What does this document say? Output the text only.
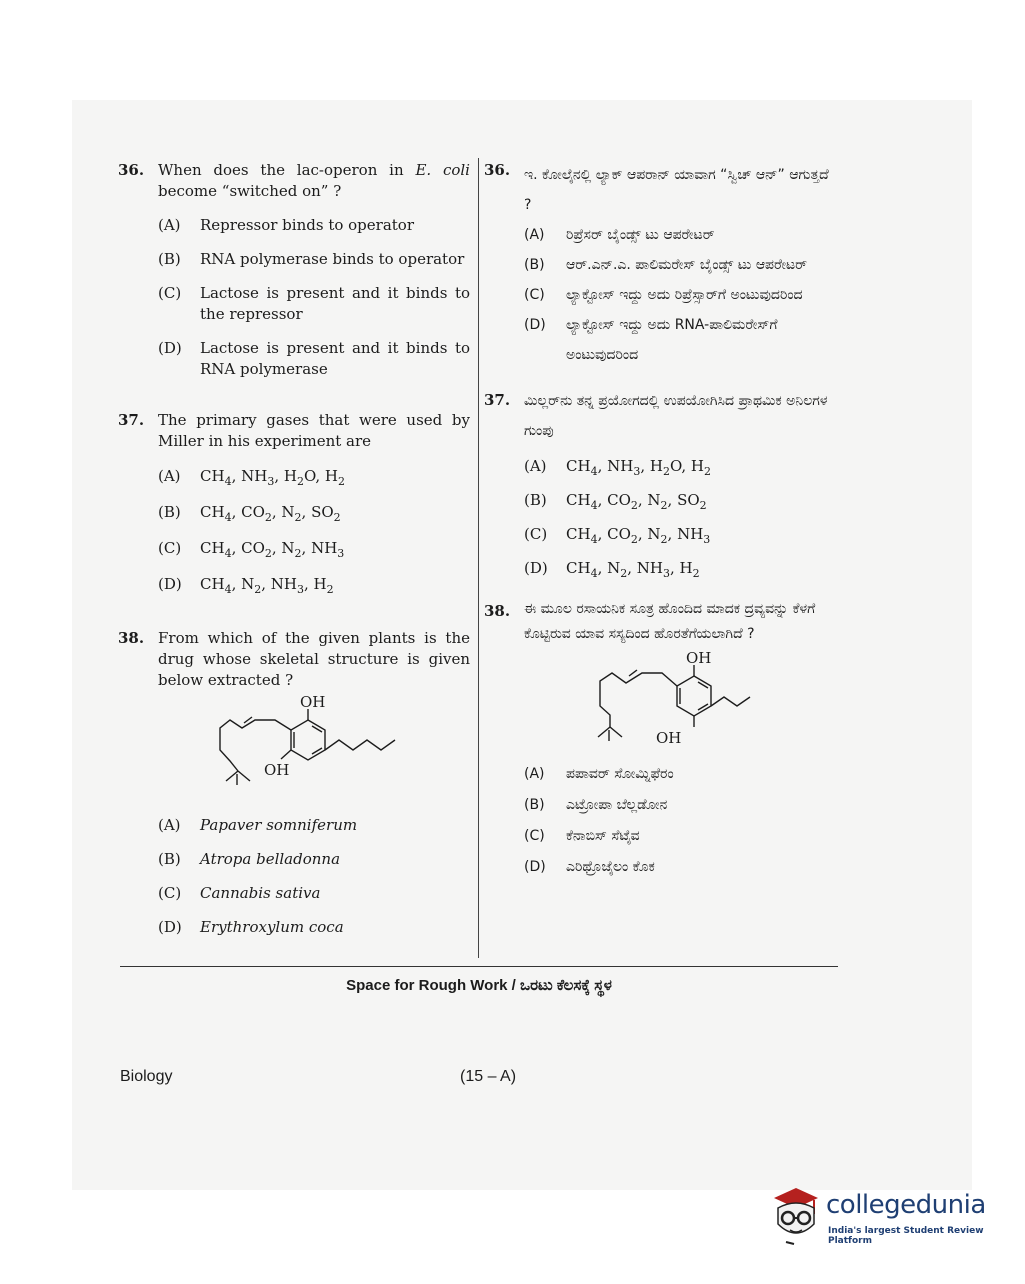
36. When does the lac-operon in E. coli become “switched on” ?
(A) Repressor binds to operator
(B) RNA polymerase binds to operator
(C) Lactose is present and it binds to the repressor
(D) Lactose is present and it binds to RNA polymerase
37. The primary gases that were used by Miller in his experiment are
(A) $CH_4$, $NH_3$, $H_2O$, $H_2$
(B) $CH_4$, $CO_2$, $N_2$, $SO_2$
(C) $CH_4$, $CO_2$, $N_2$, $NH_3$
(D) $CH_4$, $N_2$, $NH_3$, $H_2$
38. From which of the given plants is the drug whose skeletal structure is given below extracted ?
OH
OH
(A) Papaver somniferum
(B) Atropa belladonna
(C) Cannabis sativa
(D) Erythroxylum coca
36. ಇ. ಕೋಲೈನಲ್ಲಿ ಲ್ಯಾಕ್ ಆಪರಾನ್ ಯಾವಾಗ “ಸ್ವಿಚ್ ಆನ್” ಆಗುತ್ತದೆ ?
(A) ರಿಪ್ರೆಸರ್ ಬೈಂಡ್ಸ್ ಟು ಆಪರೇಟರ್
(B) ಆರ್.ಎನ್.ಎ. ಪಾಲಿಮರೇಸ್ ಬೈಂಡ್ಸ್ ಟು ಆಪರೇಟರ್
(C) ಲ್ಯಾಕ್ಟೋಸ್ ಇದ್ದು ಅದು ರಿಪ್ರೆಸ್ಸಾರ್‌ಗೆ ಅಂಟುವುದರಿಂದ
(D) ಲ್ಯಾಕ್ಟೋಸ್ ಇದ್ದು ಅದು RNA-ಪಾಲಿಮರೇಸ್‌ಗೆ ಅಂಟುವುದರಿಂದ
37. ಮಿಲ್ಲರ್‌ನು ತನ್ನ ಪ್ರಯೋಗದಲ್ಲಿ ಉಪಯೋಗಿಸಿದ ಪ್ರಾಥಮಿಕ ಅನಿಲಗಳ ಗುಂಪು
(A) $CH_4$, $NH_3$, $H_2O$, $H_2$
(B) $CH_4$, $CO_2$, $N_2$, $SO_2$
(C) $CH_4$, $CO_2$, $N_2$, $NH_3$
(D) $CH_4$, $N_2$, $NH_3$, $H_2$
38. ಈ ಮೂಲ ರಸಾಯನಿಕ ಸೂತ್ರ ಹೊಂದಿದ ಮಾದಕ ದ್ರವ್ಯವನ್ನು ಕೆಳಗೆ ಕೊಟ್ಟಿರುವ ಯಾವ ಸಸ್ಯದಿಂದ ಹೊರತೆಗೆಯಲಾಗಿದೆ ?
OH
OH
(A) ಪಪಾವರ್ ಸೋಮ್ನಿಫೆರಂ
(B) ಎಟ್ರೋಪಾ ಬೆಲ್ಲಡೋನ
(C) ಕೆನಾಬಿಸ್ ಸೆಟೈವ
(D) ಎರಿಥ್ರೊಜೈಲಂ ಕೊಕ
Space for Rough Work / ಒರಟು ಕೆಲಸಕ್ಕೆ ಸ್ಥಳ
Biology	(15 – A)
collegedunia
India's largest Student Review Platform
